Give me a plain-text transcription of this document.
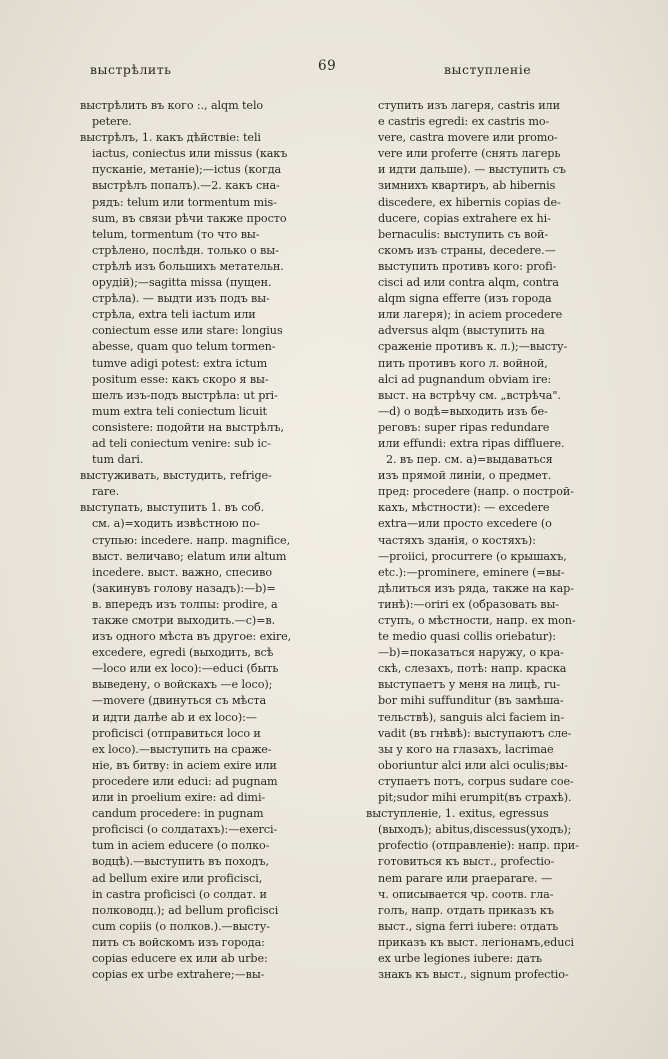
выстрѣлить	69	выступленіе
выстрѣлить въ кого :., alqm telo
petere.
выстрѣлъ, 1. какъ дѣйствіе: teli
iactus, coniectus или missus (какъ
пусканіе, метаніе);—ictus (когда
выстрѣлъ попалъ).—2. какъ сна-
рядъ: telum или tormentum mis-
sum, въ связи рѣчи также просто
telum, tormentum (то что вы-
стрѣлено, послѣдн. только о вы-
стрѣлѣ изъ большихъ метательн.
орудій);—sagitta missa (пущен.
стрѣла). — выдти изъ подъ вы-
стрѣла, extra teli iactum или
coniectum esse или stare: longius
abesse, quam quo telum tormen-
tumve adigi potest: extra ictum
positum esse: какъ скоро я вы-
шелъ изъ-подъ выстрѣла: ut pri-
mum extra teli coniectum licuit
consistere: подойти на выстрѣлъ,
ad teli coniectum venire: sub ic-
tum dari.
выстуживать, выстудить, refrige-
rare.
выступать, выступить 1. въ соб.
см. а)=ходить извѣстною по-
ступью: incedere. напр. magnifice,
выст. величаво; elatum или altum
incedere. выст. важно, спесиво
(закинувъ голову назадъ):—b)=
в. впередъ изъ толпы: prodire, а
также смотри выходить.—c)=в.
изъ одного мѣста въ другое: exire,
excedere, egredi (выходить, всѣ
—loco или ex loco):—educi (быть
выведену, о войскахъ —e loco);
—movere (двинуться съ мѣста
и идти далѣе ab и ex loco):—
proficisci (отправиться loco и
ex loco).—выступить на сраже-
ніе, въ битву: in aciem exire или
procedere или educi: ad pugnam
или in proelium exire: ad dimi-
candum procedere: in pugnam
proficisci (о солдатахъ):—exerci-
tum in aciem educere (о полко-
водцѣ).—выступить въ походъ,
ad bellum exire или proficisci,
in castra proficisci (о солдат. и
полководц.); ad bellum proficisci
cum copiis (о полков.).—высту-
пить съ войскомъ изъ города:
copias educere ex или ab urbe:
copias ex urbe extrahere;—вы-
ступить изъ лагеря, castris или
e castris egredi: ex castris mo-
vere, castra movere или promo-
vere или proferre (снять лагерь
и идти дальше). — выступить съ
зимнихъ квартиръ, ab hibernis
discedere, ex hibernis copias de-
ducere, copias extrahere ex hi-
bernaculis: выступить съ вой-
скомъ изъ страны, decedere.—
выступить противъ кого: profi-
cisci ad или contra alqm, contra
alqm signa efferre (изъ города
или лагеря); in aciem procedere
adversus alqm (выступить на
сраженіе противъ к. л.);—высту-
пить противъ кого л. войной,
alci ad pugnandum obviam ire:
выст. на встрѣчу см. „встрѣча".
—d) о водѣ=выходить изъ бе-
реговъ: super ripas redundare
или effundi: extra ripas diffluere.
2. въ пер. см. а)=выдаваться
изъ прямой линіи, о предмет.
пред: procedere (напр. о построй-
кахъ, мѣстности): — excedere
extra—или просто excedere (о
частяхъ зданія, о костяхъ):
—proiici, procurrere (о крышахъ,
etc.):—prominere, eminere (=вы-
дѣлиться изъ ряда, также на кар-
тинѣ):—oriri ex (образовать вы-
ступъ, о мѣстности, напр. ex mon-
te medio quasi collis oriebatur):
—b)=показаться наружу, о кра-
скѣ, слезахъ, потѣ: напр. краска
выступаетъ у меня на лицѣ, ru-
bor mihi suffunditur (въ замѣша-
тельствѣ), sanguis alci faciem in-
vadit (въ гнѣвѣ): выступаютъ сле-
зы у кого на глазахъ, lacrimae
oboriuntur alci или alci oculis;вы-
ступаетъ потъ, corpus sudare coe-
pit;sudor mihi erumpit(въ страхѣ).
выступленіе, 1. exitus, egressus
(выходъ); abitus,discessus(уходъ);
profectio (отправленіе): напр. при-
готовиться къ выст., profectio-
nem parare или praeparare. —
ч. описывается чр. соотв. гла-
голъ, напр. отдать приказъ къ
выст., signa ferri iubere: отдать
приказъ къ выст. легіонамъ,educi
ex urbe legiones iubere: дать
знакъ къ выст., signum profectio-
